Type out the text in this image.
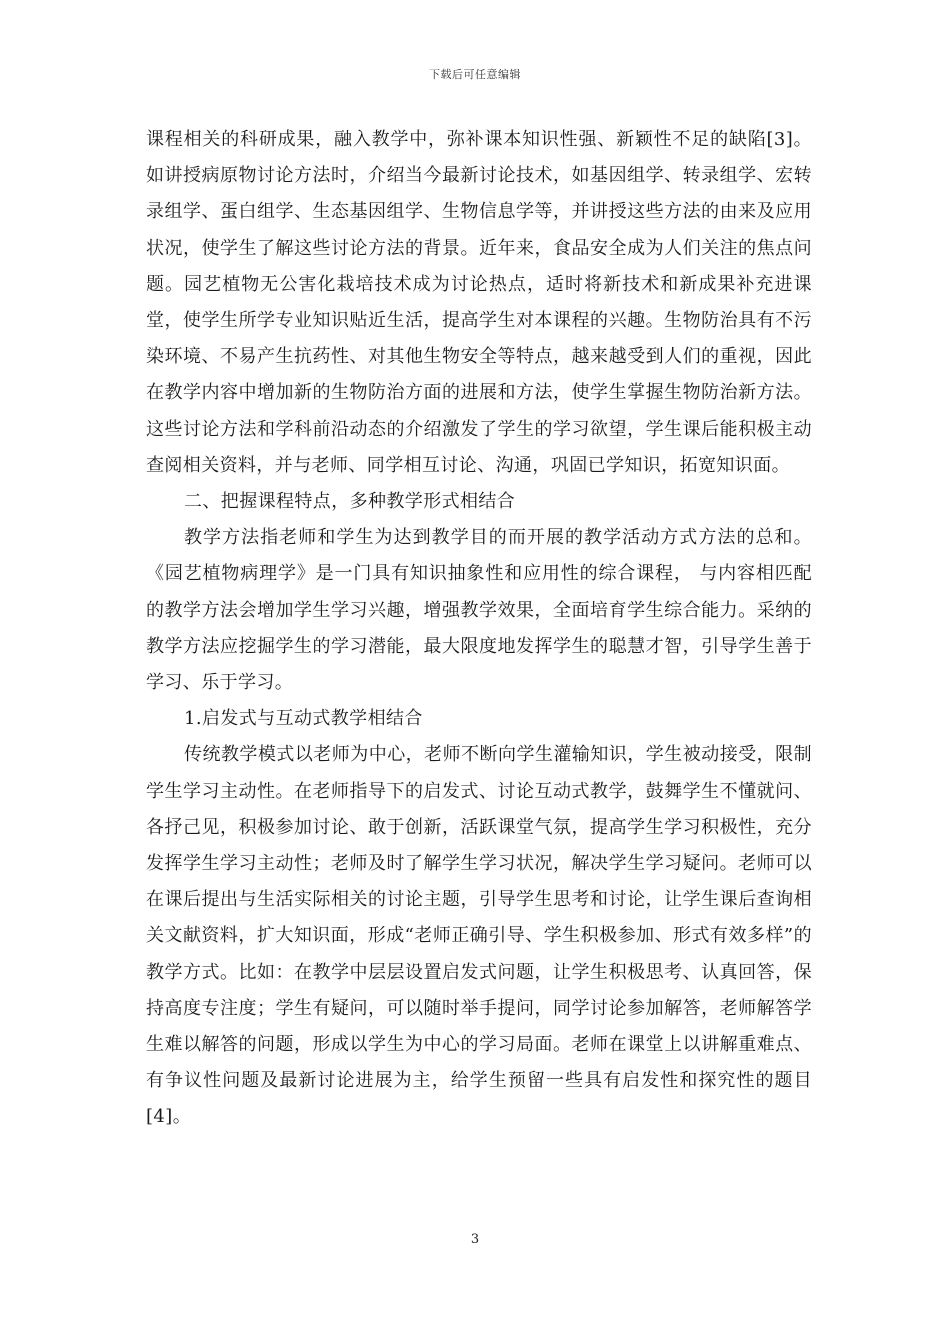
下载后可任意编辑

课程相关的科研成果，融入教学中，弥补课本知识性强、新颖性不足的缺陷[3]。如讲授病原物讨论方法时，介绍当今最新讨论技术，如基因组学、转录组学、宏转录组学、蛋白组学、生态基因组学、生物信息学等，并讲授这些方法的由来及应用状况，使学生了解这些讨论方法的背景。近年来，食品安全成为人们关注的焦点问题。园艺植物无公害化栽培技术成为讨论热点，适时将新技术和新成果补充进课堂，使学生所学专业知识贴近生活，提高学生对本课程的兴趣。生物防治具有不污染环境、不易产生抗药性、对其他生物安全等特点，越来越受到人们的重视，因此在教学内容中增加新的生物防治方面的进展和方法，使学生掌握生物防治新方法。这些讨论方法和学科前沿动态的介绍激发了学生的学习欲望，学生课后能积极主动查阅相关资料，并与老师、同学相互讨论、沟通，巩固已学知识，拓宽知识面。

二、把握课程特点，多种教学形式相结合

教学方法指老师和学生为达到教学目的而开展的教学活动方式方法的总和。《园艺植物病理学》是一门具有知识抽象性和应用性的综合课程， 与内容相匹配的教学方法会增加学生学习兴趣，增强教学效果，全面培育学生综合能力。采纳的教学方法应挖掘学生的学习潜能，最大限度地发挥学生的聪慧才智，引导学生善于学习、乐于学习。

1.启发式与互动式教学相结合

传统教学模式以老师为中心，老师不断向学生灌输知识，学生被动接受，限制学生学习主动性。在老师指导下的启发式、讨论互动式教学，鼓舞学生不懂就问、各抒己见，积极参加讨论、敢于创新，活跃课堂气氛，提高学生学习积极性，充分发挥学生学习主动性；老师及时了解学生学习状况，解决学生学习疑问。老师可以在课后提出与生活实际相关的讨论主题，引导学生思考和讨论，让学生课后查询相关文献资料，扩大知识面，形成“老师正确引导、学生积极参加、形式有效多样”的教学方式。比如：在教学中层层设置启发式问题，让学生积极思考、认真回答，保持高度专注度；学生有疑问，可以随时举手提问，同学讨论参加解答，老师解答学生难以解答的问题，形成以学生为中心的学习局面。老师在课堂上以讲解重难点、有争议性问题及最新讨论进展为主，给学生预留一些具有启发性和探究性的题目[4]。

3
